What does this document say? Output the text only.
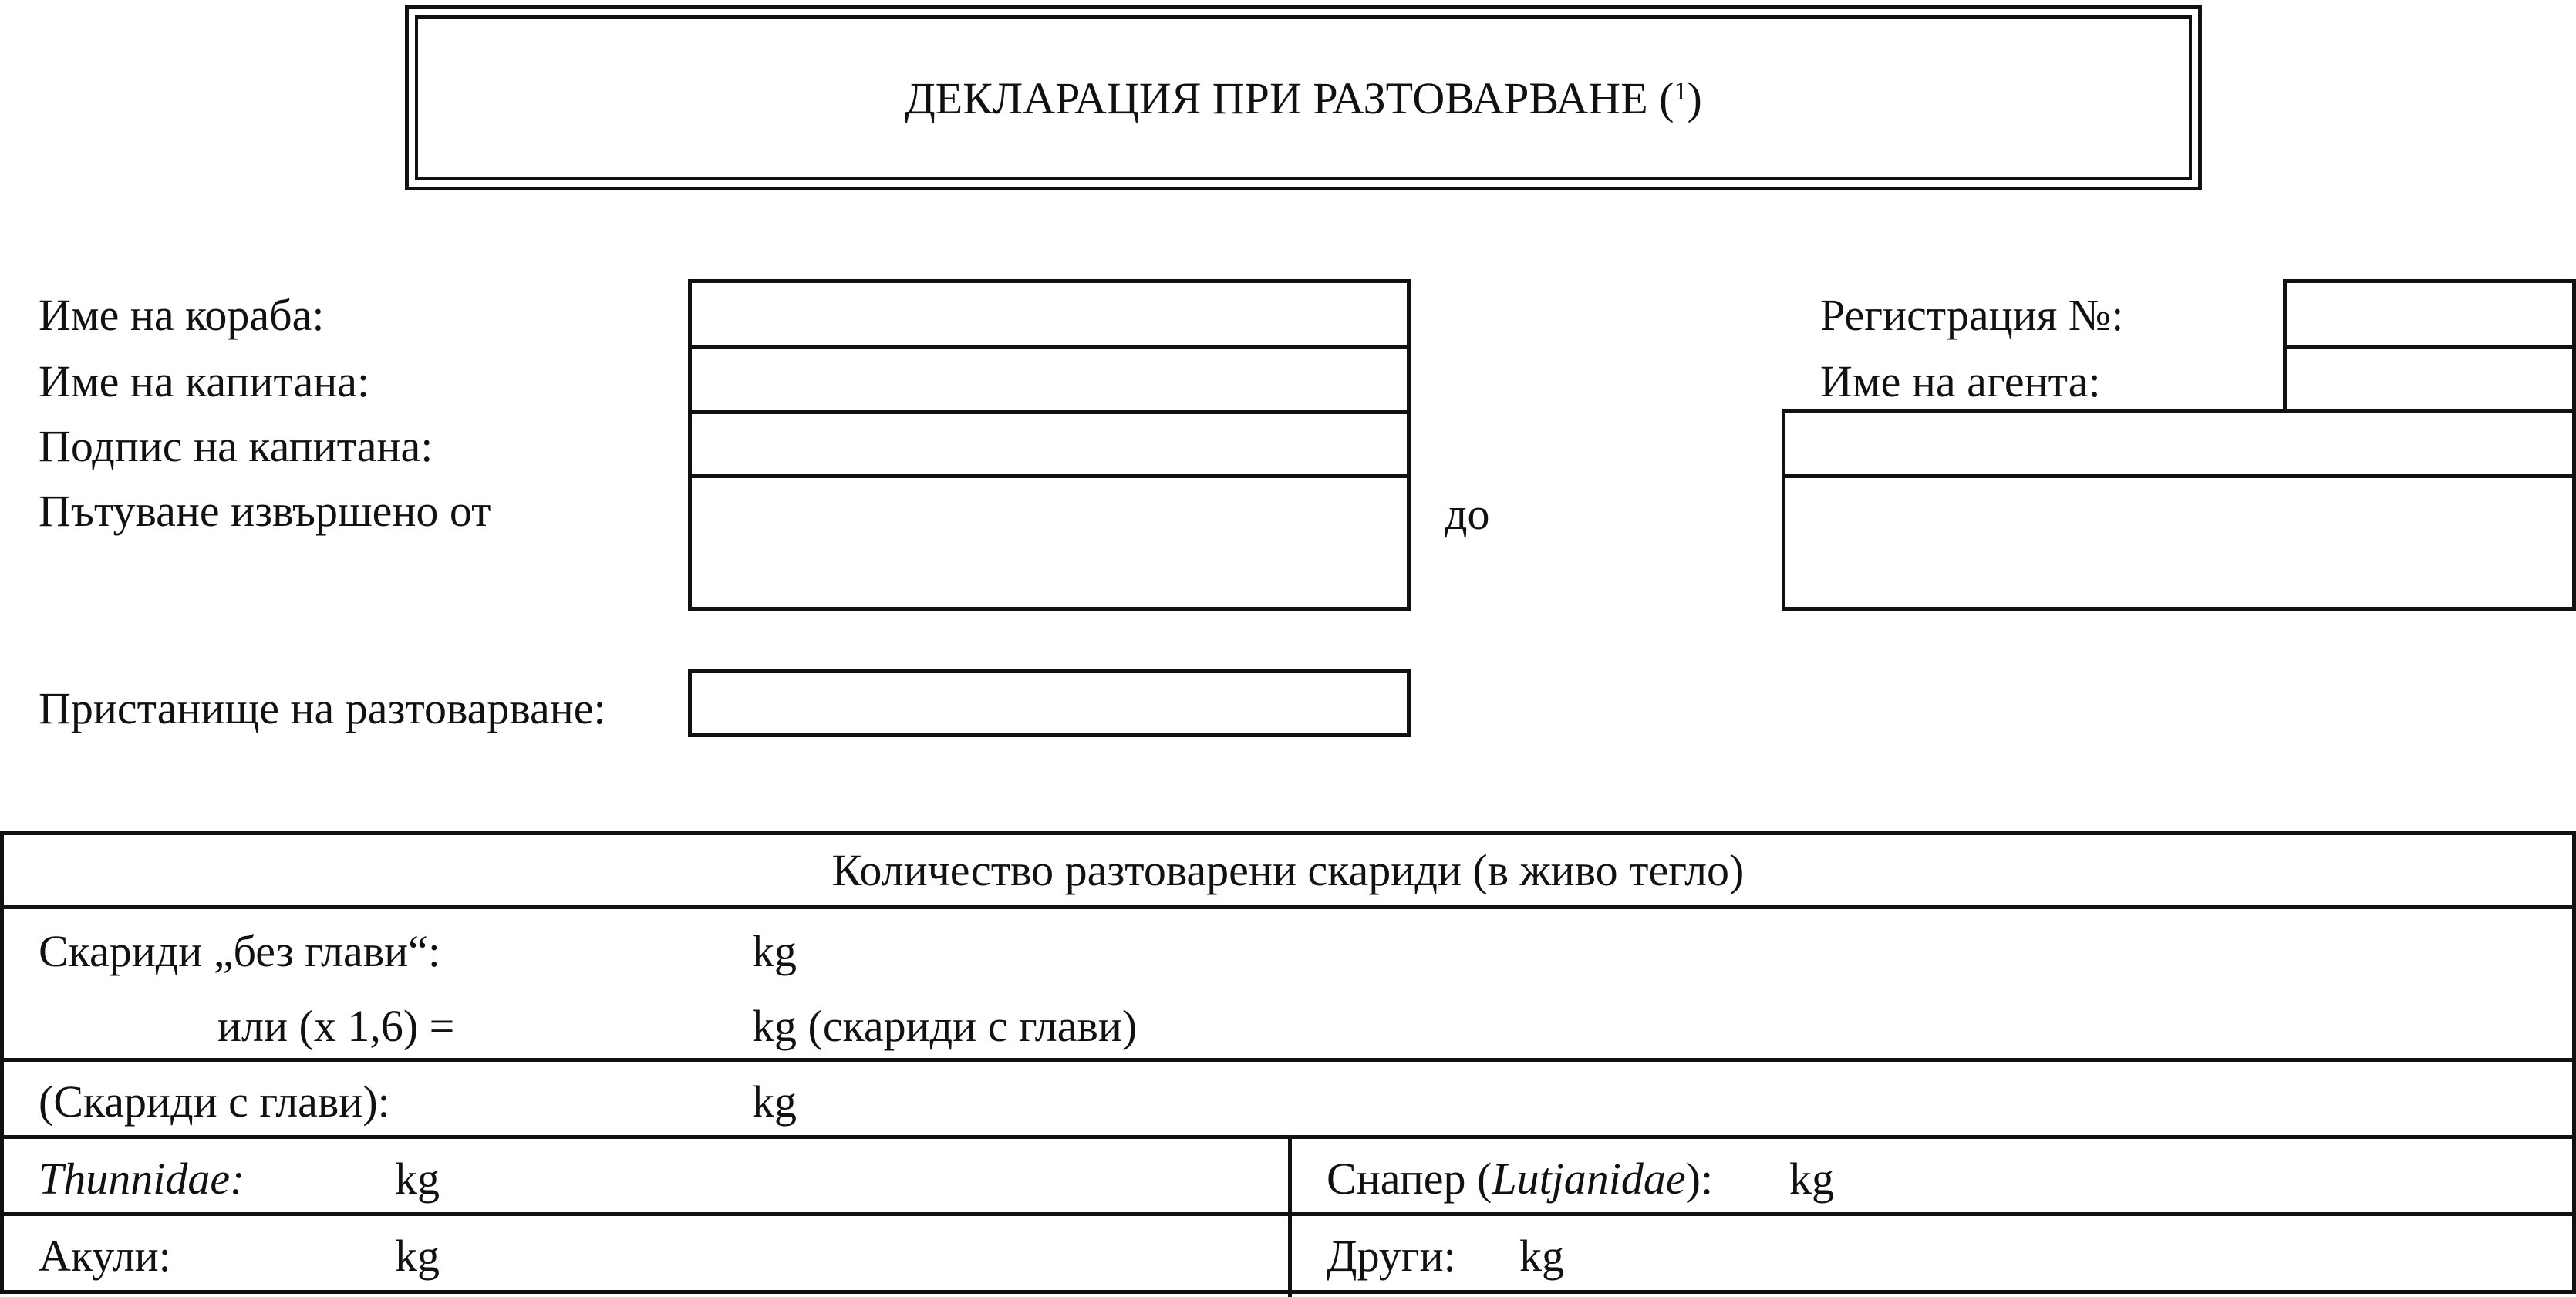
ДЕКЛАРАЦИЯ ПРИ РАЗТОВАРВАНЕ ($^1$)
Име на кораба:
Име на капитана:
Подпис на капитана:
Пътуване извършено от	до
Регистрация №:
Име на агента:
Пристанище на разтоварване:
Количество разтоварени скариди (в живо тегло)
Скариди „без глави“:	kg
или (x 1,6) =	kg (скариди с глави)
(Скариди с глави):	kg
Thunnidae:	kg	Снапер (Lutjanidae): kg
Акули:	kg	Други: kg
